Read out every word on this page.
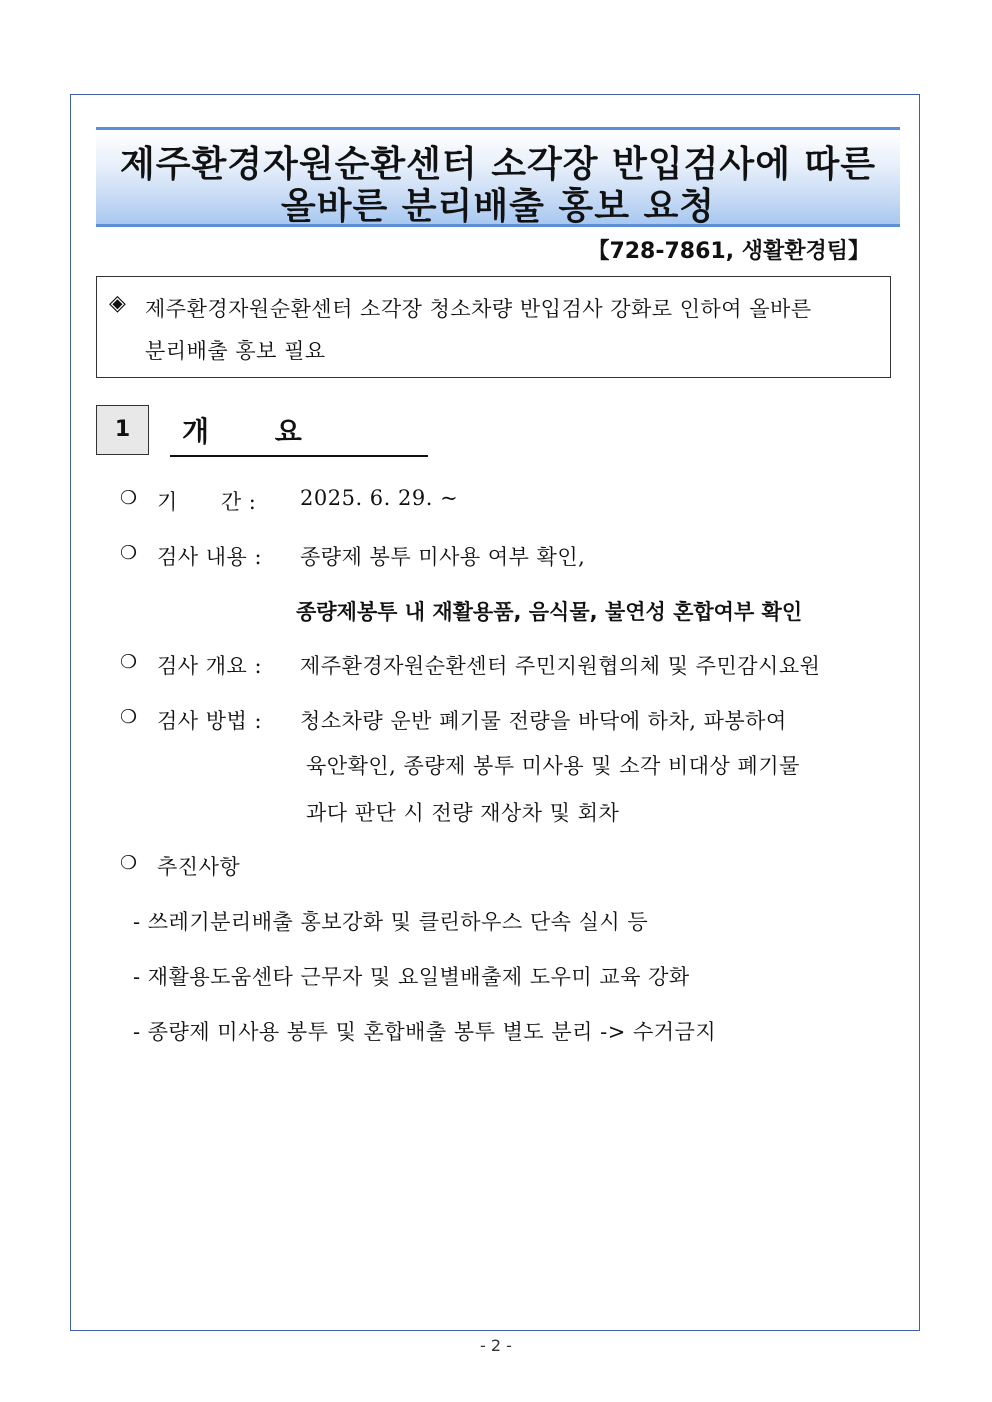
제주환경자원순환센터 소각장 반입검사에 따른
올바른 분리배출 홍보 요청
【728-7861, 생활환경팀】
◈ 제주환경자원순환센터 소각장 청소차량 반입검사 강화로 인하여 올바른
분리배출 홍보 필요
1	개 요
❍ 기      간 : 2025. 6. 29. ~
❍ 검사 내용 : 종량제 봉투 미사용 여부 확인,
종량제봉투 내 재활용품, 음식물, 불연성 혼합여부 확인
❍ 검사 개요 : 제주환경자원순환센터 주민지원협의체 및 주민감시요원
❍ 검사 방법 : 청소차량 운반 폐기물 전량을 바닥에 하차, 파봉하여
육안확인, 종량제 봉투 미사용 및 소각 비대상 폐기물
과다 판단 시 전량 재상차 및 회차
❍ 추진사항
- 쓰레기분리배출 홍보강화 및 클린하우스 단속 실시 등
- 재활용도움센타 근무자 및 요일별배출제 도우미 교육 강화
- 종량제 미사용 봉투 및 혼합배출 봉투 별도 분리 -> 수거금지
- 2 -
